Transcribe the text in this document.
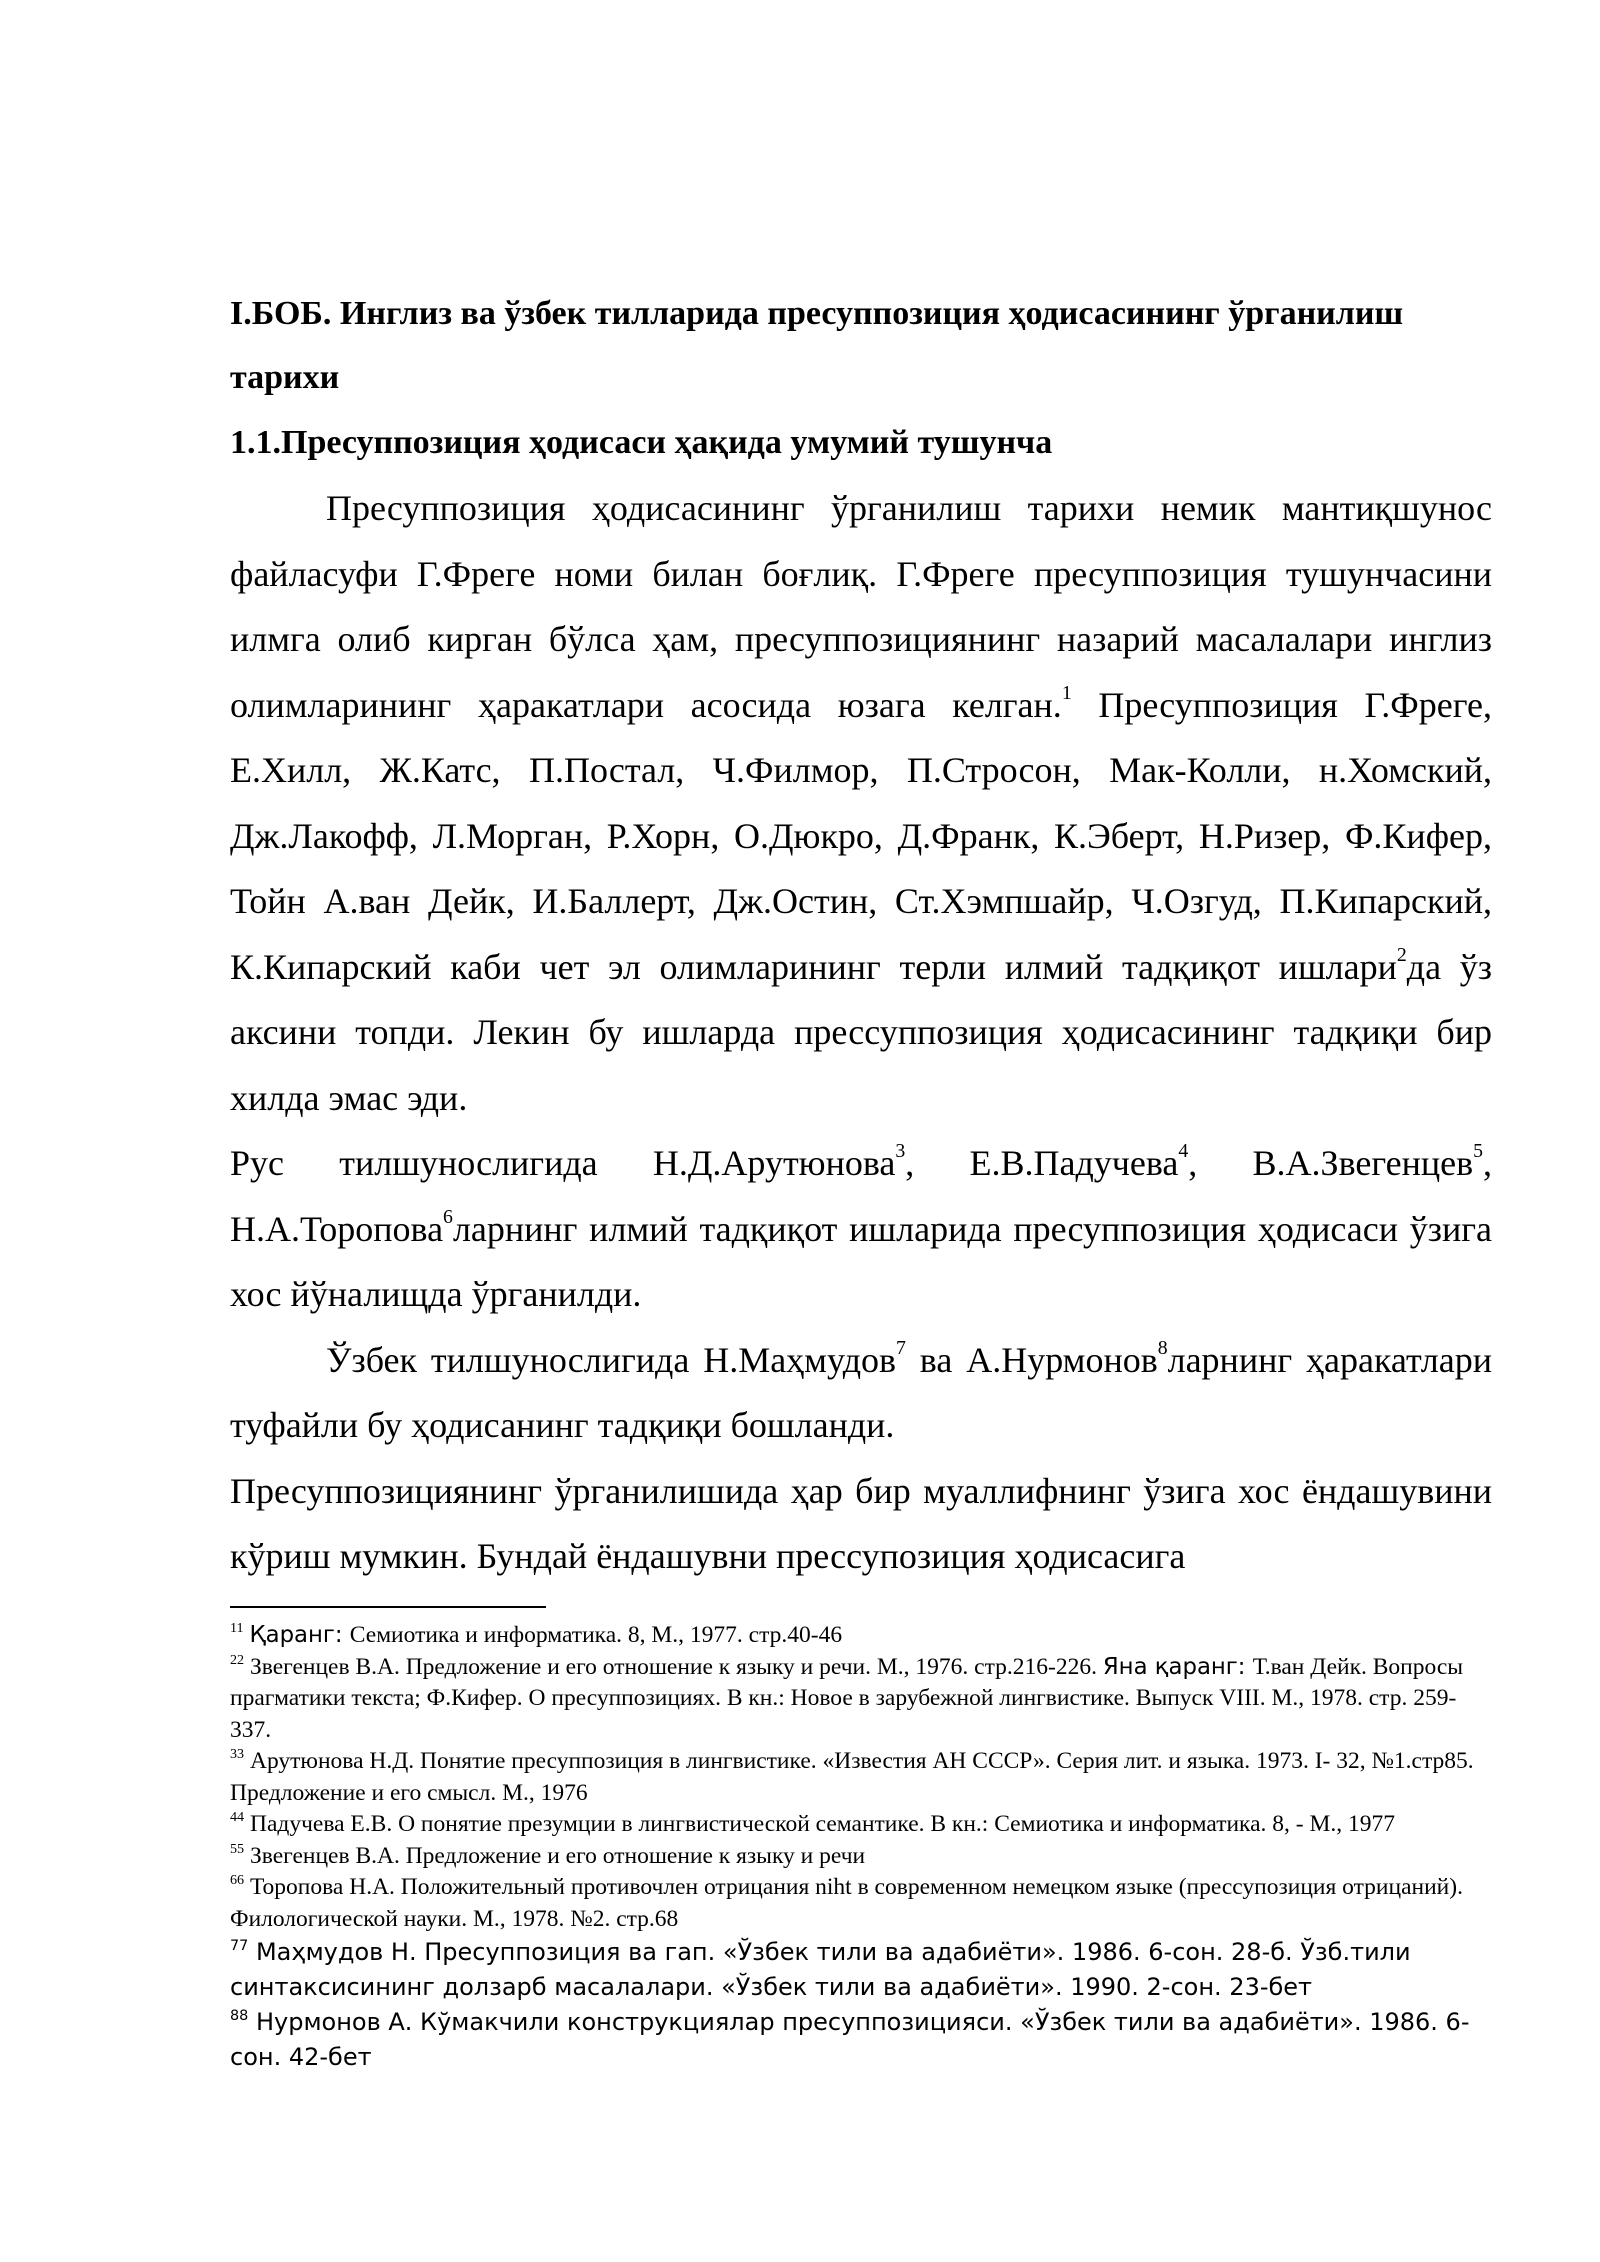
I.БОБ. Инглиз ва ўзбек тилларида пресуппозиция ҳодисасининг ўрганилиш тарихи
1.1.Пресуппозиция ҳодисаси ҳақида умумий тушунча

Пресуппозиция ҳодисасининг ўрганилиш тарихи немик мантиқшунос файласуфи Г.Фреге номи билан боғлиқ. Г.Фреге пресуппозиция тушунчасини илмга олиб кирган бўлса ҳам, пресуппозициянинг назарий масалалари инглиз олимларининг ҳаракатлари асосида юзага келган.$^1$ Пресуппозиция Г.Фреге, Е.Хилл, Ж.Катс, П.Постал, Ч.Филмор, П.Стросон, Мак-Колли, н.Хомский, Дж.Лакофф, Л.Морган, Р.Хорн, О.Дюкро, Д.Франк, К.Эберт, Н.Ризер, Ф.Кифер, Тойн А.ван Дейк, И.Баллерт, Дж.Остин, Ст.Хэмпшайр, Ч.Озгуд, П.Кипарский, К.Кипарский каби чет эл олимларининг терли илмий тадқиқот ишлари$^2$да ўз аксини топди. Лекин бу ишларда прессуппозиция ҳодисасининг тадқиқи бир хилда эмас эди.

Рус тилшунослигида Н.Д.Арутюнова$^3$, Е.В.Падучева$^4$, В.А.Звегенцев$^5$, Н.А.Торопова$^6$ларнинг илмий тадқиқот ишларида пресуппозиция ҳодисаси ўзига хос йўналищда ўрганилди.

Ўзбек тилшунослигида Н.Маҳмудов$^7$ ва А.Нурмонов$^8$ларнинг ҳаракатлари туфайли бу ҳодисанинг тадқиқи бошланди.

Пресуппозициянинг ўрганилишида ҳар бир муаллифнинг ўзига хос ёндашувини кўриш мумкин. Бундай ёндашувни прессупозиция ҳодисасига

$^{11}$ Қаранг: Семиотика и информатика. 8, М., 1977. стр.40-46

$^{22}$ Звегенцев В.А. Предложение и его отношение к языку и речи. М., 1976. стр.216-226. Яна қаранг: Т.ван Дейк. Вопросы прагматики текста; Ф.Кифер. О пресуппозициях. В кн.: Новое в зарубежной лингвистике. Выпуск VIII. М., 1978. стр. 259-337.

$^{33}$ Арутюнова Н.Д. Понятие пресуппозиция в лингвистике. «Известия АН СССР». Серия лит. и языка. 1973. I- 32, №1.стр85. Предложение и его смысл. М., 1976

$^{44}$ Падучева Е.В. О понятие презумции в лингвистической семантике. В кн.: Семиотика и информатика. 8, - М., 1977

$^{55}$ Звегенцев В.А. Предложение и его отношение к языку и речи

$^{66}$ Торопова Н.А. Положительный противочлен отрицания niht в современном немецком языке (прессупозиция отрицаний). Филологической науки. М., 1978. №2. стр.68

$^{77}$ Маҳмудов Н. Пресуппозиция ва гап. «Ўзбек тили ва адабиёти». 1986. 6-сон. 28-б. Ўзб.тили синтаксисининг долзарб масалалари. «Ўзбек тили ва адабиёти». 1990. 2-сон. 23-бет

$^{88}$ Нурмонов А. Кўмакчили конструкциялар пресуппозицияси. «Ўзбек тили ва адабиёти». 1986. 6-сон. 42-бет
